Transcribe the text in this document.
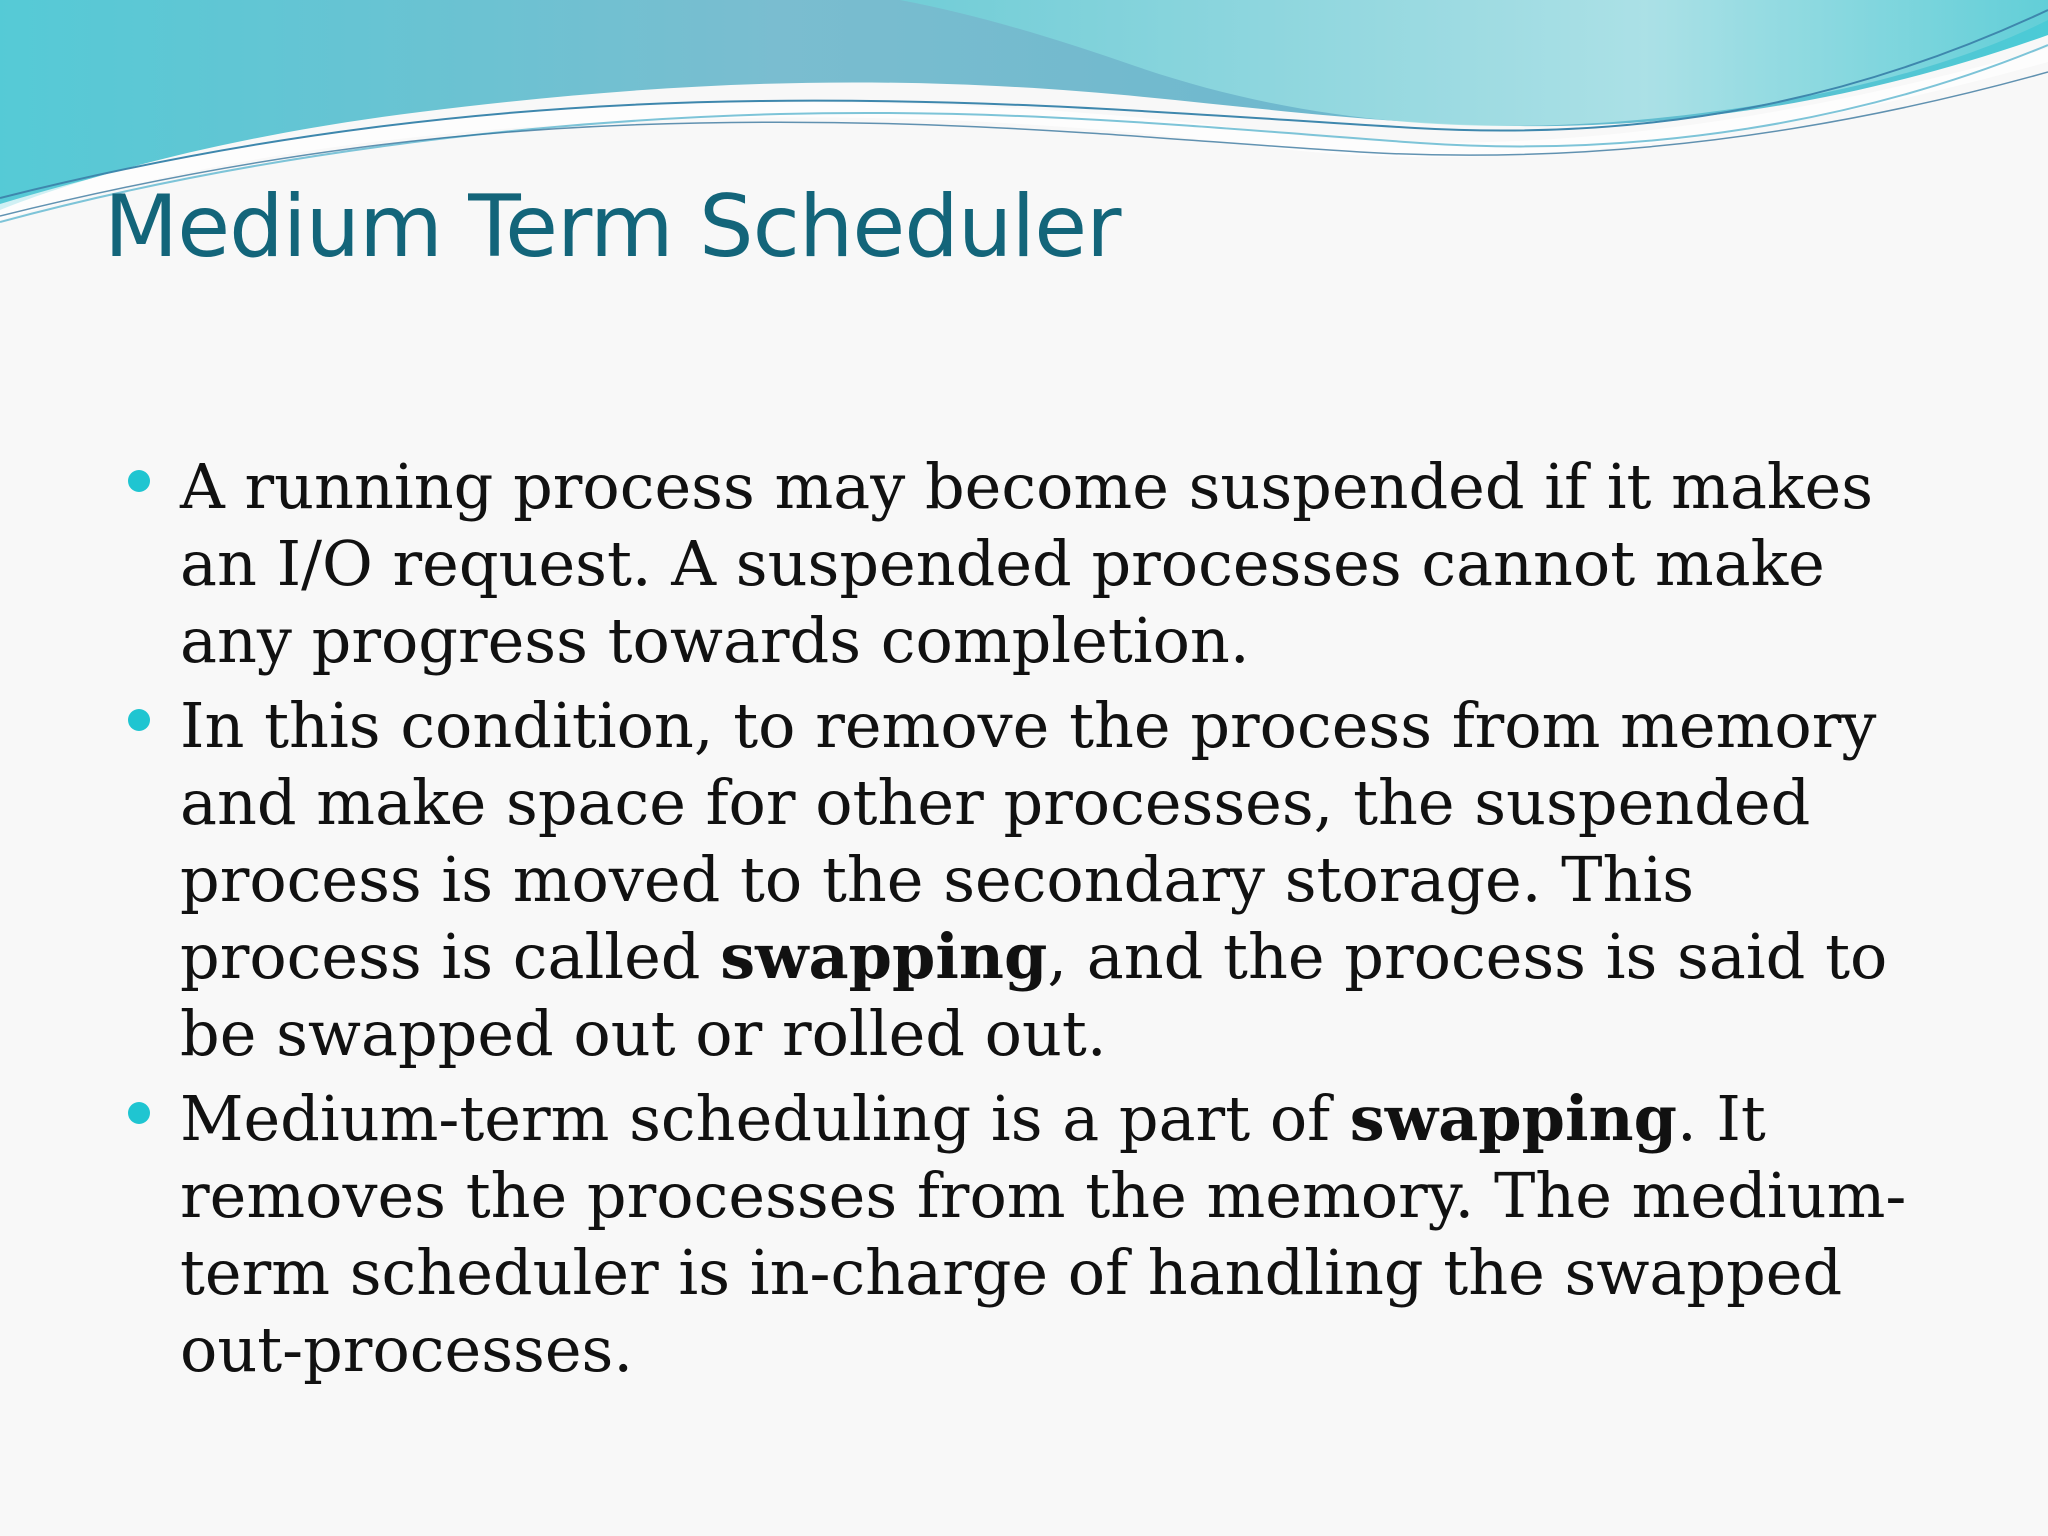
Medium Term Scheduler
A running process may become suspended if it makes an I/O request. A suspended processes cannot make any progress towards completion.
In this condition, to remove the process from memory and make space for other processes, the suspended process is moved to the secondary storage. This process is called swapping, and the process is said to be swapped out or rolled out.
Medium-term scheduling is a part of swapping. It removes the processes from the memory. The medium-term scheduler is in-charge of handling the swapped out-processes.
